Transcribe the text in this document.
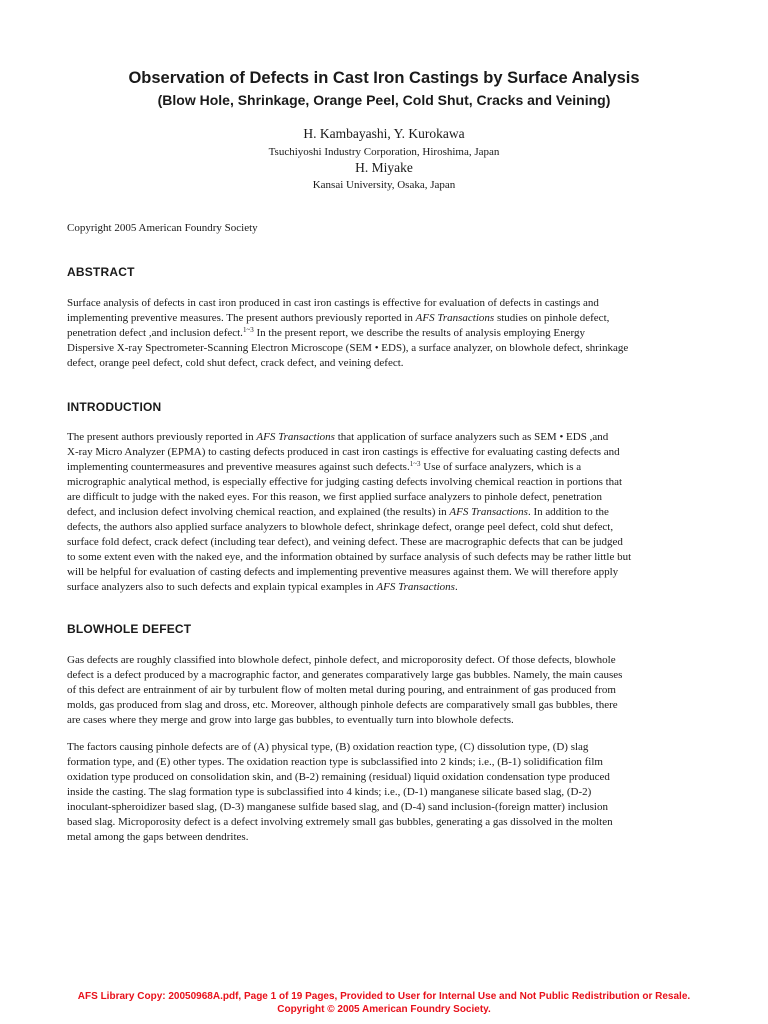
Observation of Defects in Cast Iron Castings by Surface Analysis
(Blow Hole, Shrinkage, Orange Peel, Cold Shut, Cracks and Veining)
H. Kambayashi, Y. Kurokawa
Tsuchiyoshi Industry Corporation, Hiroshima, Japan
H. Miyake
Kansai University, Osaka, Japan
Copyright 2005 American Foundry Society
ABSTRACT
Surface analysis of defects in cast iron produced in cast iron castings is effective for evaluation of defects in castings and
implementing preventive measures. The present authors previously reported in AFS Transactions studies on pinhole defect,
penetration defect ,and inclusion defect.$^{1\sim 3}$ In the present report, we describe the results of analysis employing Energy
Dispersive X-ray Spectrometer-Scanning Electron Microscope (SEM • EDS), a surface analyzer, on blowhole defect, shrinkage
defect, orange peel defect, cold shut defect, crack defect, and veining defect.
INTRODUCTION
The present authors previously reported in AFS Transactions that application of surface analyzers such as SEM • EDS ,and
X-ray Micro Analyzer (EPMA) to casting defects produced in cast iron castings is effective for evaluating casting defects and
implementing countermeasures and preventive measures against such defects.$^{1\sim 3}$ Use of surface analyzers, which is a
micrographic analytical method, is especially effective for judging casting defects involving chemical reaction in portions that
are difficult to judge with the naked eyes. For this reason, we first applied surface analyzers to pinhole defect, penetration
defect, and inclusion defect involving chemical reaction, and explained (the results) in AFS Transactions. In addition to the
defects, the authors also applied surface analyzers to blowhole defect, shrinkage defect, orange peel defect, cold shut defect,
surface fold defect, crack defect (including tear defect), and veining defect. These are macrographic defects that can be judged
to some extent even with the naked eye, and the information obtained by surface analysis of such defects may be rather little but
will be helpful for evaluation of casting defects and implementing preventive measures against them. We will therefore apply
surface analyzers also to such defects and explain typical examples in AFS Transactions.
BLOWHOLE DEFECT
Gas defects are roughly classified into blowhole defect, pinhole defect, and microporosity defect. Of those defects, blowhole
defect is a defect produced by a macrographic factor, and generates comparatively large gas bubbles. Namely, the main causes
of this defect are entrainment of air by turbulent flow of molten metal during pouring, and entrainment of gas produced from
molds, gas produced from slag and dross, etc. Moreover, although pinhole defects are comparatively small gas bubbles, there
are cases where they merge and grow into large gas bubbles, to eventually turn into blowhole defects.
The factors causing pinhole defects are of (A) physical type, (B) oxidation reaction type, (C) dissolution type, (D) slag
formation type, and (E) other types. The oxidation reaction type is subclassified into 2 kinds; i.e., (B-1) solidification film
oxidation type produced on consolidation skin, and (B-2) remaining (residual) liquid oxidation condensation type produced
inside the casting. The slag formation type is subclassified into 4 kinds; i.e., (D-1) manganese silicate based slag, (D-2)
inoculant-spheroidizer based slag, (D-3) manganese sulfide based slag, and (D-4) sand inclusion-(foreign matter) inclusion
based slag. Microporosity defect is a defect involving extremely small gas bubbles, generating a gas dissolved in the molten
metal among the gaps between dendrites.
AFS Library Copy: 20050968A.pdf, Page 1 of 19 Pages, Provided to User for Internal Use and Not Public Redistribution or Resale.
Copyright © 2005 American Foundry Society.
